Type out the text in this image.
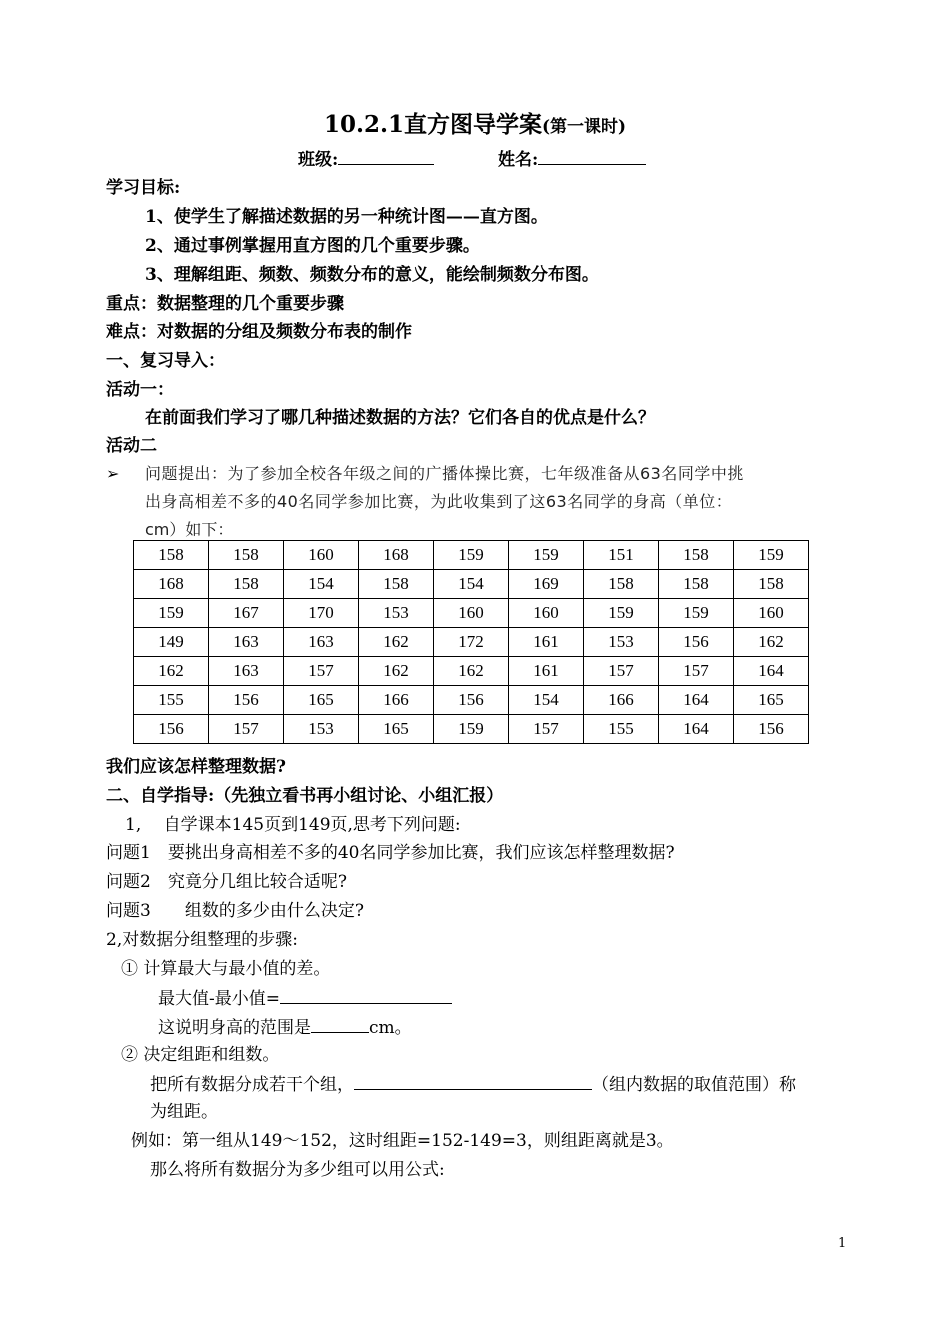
10.2.1直方图导学案(第一课时)
班级:	姓名:
学习目标:
1、使学生了解描述数据的另一种统计图——直方图。
2、通过事例掌握用直方图的几个重要步骤。
3、理解组距、频数、频数分布的意义，能绘制频数分布图。
重点：数据整理的几个重要步骤
难点：对数据的分组及频数分布表的制作
一、复习导入：
活动一：
在前面我们学习了哪几种描述数据的方法？它们各自的优点是什么？
活动二
➢ 问题提出：为了参加全校各年级之间的广播体操比赛，七年级准备从63名同学中挑
出身高相差不多的40名同学参加比赛，为此收集到了这63名同学的身高（单位：
cm）如下：
158	158	160	168	159	159	151	158	159
168	158	154	158	154	169	158	158	158
159	167	170	153	160	160	159	159	160
149	163	163	162	172	161	153	156	162
162	163	157	162	162	161	157	157	164
155	156	165	166	156	154	166	164	165
156	157	153	165	159	157	155	164	156
我们应该怎样整理数据?
二、自学指导:（先独立看书再小组讨论、小组汇报）
1,　 自学课本145页到149页,思考下列问题:
问题1　要挑出身高相差不多的40名同学参加比赛，我们应该怎样整理数据?
问题2　究竟分几组比较合适呢?
问题3　　组数的多少由什么决定?
2,对数据分组整理的步骤:
① 计算最大与最小值的差。
最大值-最小值=
这说明身高的范围是	cm。
② 决定组距和组数。
把所有数据分成若干个组，	（组内数据的取值范围）称
为组距。
例如：第一组从149～152，这时组距=152-149=3，则组距离就是3。
那么将所有数据分为多少组可以用公式:
1
